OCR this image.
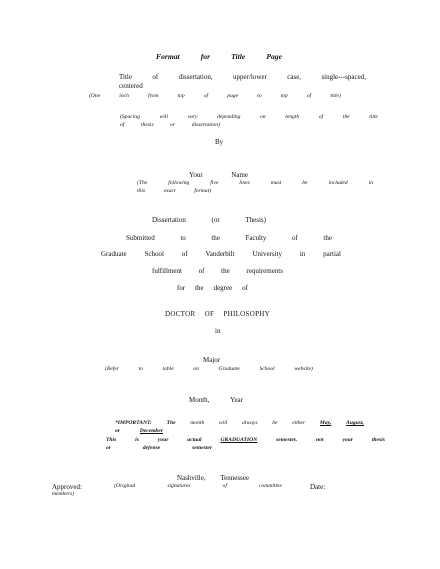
Format	for	Title	Page
Title	of	dissertation,	upper/lower	case,	single---spaced,
centered
(One	inch	from	top	of	page	to	top	of	title)
(Spacing	will	vary	depending	on	length	of	the	title
of	thesis	or	dissertation)
By
Your	Name
(The	following	five	lines	must	be	included	in
this	exact	format)
Dissertation	(or	Thesis)
Submitted	to	the	Faculty	of	the
Graduate	School	of	Vanderbilt	University	in	partial
fulfillment of the requirements
for the degree of
DOCTOR OF PHILOSOPHY
in
Major
(Refer	to	table	on	Graduate	School	website)
Month,	Year
*IMPORTANT:	The	month	will	always	be	either	May,	August,
or	December
This	is	your	actual	GRADUATION	semester,	not	your	thesis
or	defense	semester
Nashville, Tennessee
Approved:	(Original	signatures	of	committee	Date:
members)
